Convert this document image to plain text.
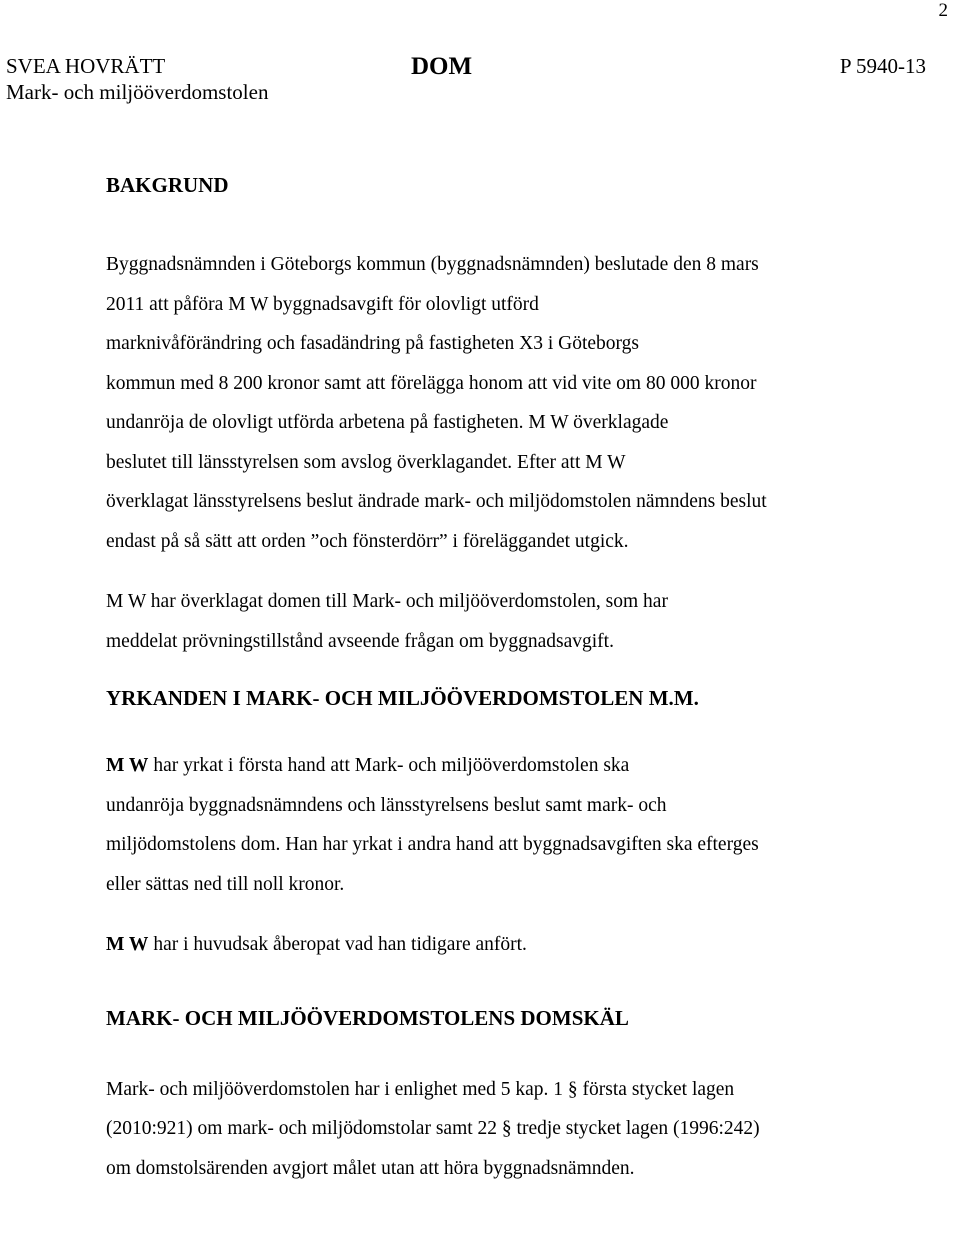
2
SVEA HOVRÄTT
Mark- och miljööverdomstolen
DOM	P 5940-13
BAKGRUND

Byggnadsnämnden i Göteborgs kommun (byggnadsnämnden) beslutade den 8 mars
2011 att påföra M W byggnadsavgift för olovligt utförd
marknivåförändring och fasadändring på fastigheten X3 i Göteborgs
kommun med 8 200 kronor samt att förelägga honom att vid vite om 80 000 kronor
undanröja de olovligt utförda arbetena på fastigheten. M W överklagade
beslutet till länsstyrelsen som avslog överklagandet. Efter att M W
överklagat länsstyrelsens beslut ändrade mark- och miljödomstolen nämndens beslut
endast på så sätt att orden ”och fönsterdörr” i föreläggandet utgick.

M W har överklagat domen till Mark- och miljööverdomstolen, som har
meddelat prövningstillstånd avseende frågan om byggnadsavgift.

YRKANDEN I MARK- OCH MILJÖÖVERDOMSTOLEN M.M.

M W har yrkat i första hand att Mark- och miljööverdomstolen ska
undanröja byggnadsnämndens och länsstyrelsens beslut samt mark- och
miljödomstolens dom. Han har yrkat i andra hand att byggnadsavgiften ska efterges
eller sättas ned till noll kronor.

M W har i huvudsak åberopat vad han tidigare anfört.

MARK- OCH MILJÖÖVERDOMSTOLENS DOMSKÄL

Mark- och miljööverdomstolen har i enlighet med 5 kap. 1 § första stycket lagen
(2010:921) om mark- och miljödomstolar samt 22 § tredje stycket lagen (1996:242)
om domstolsärenden avgjort målet utan att höra byggnadsnämnden.
